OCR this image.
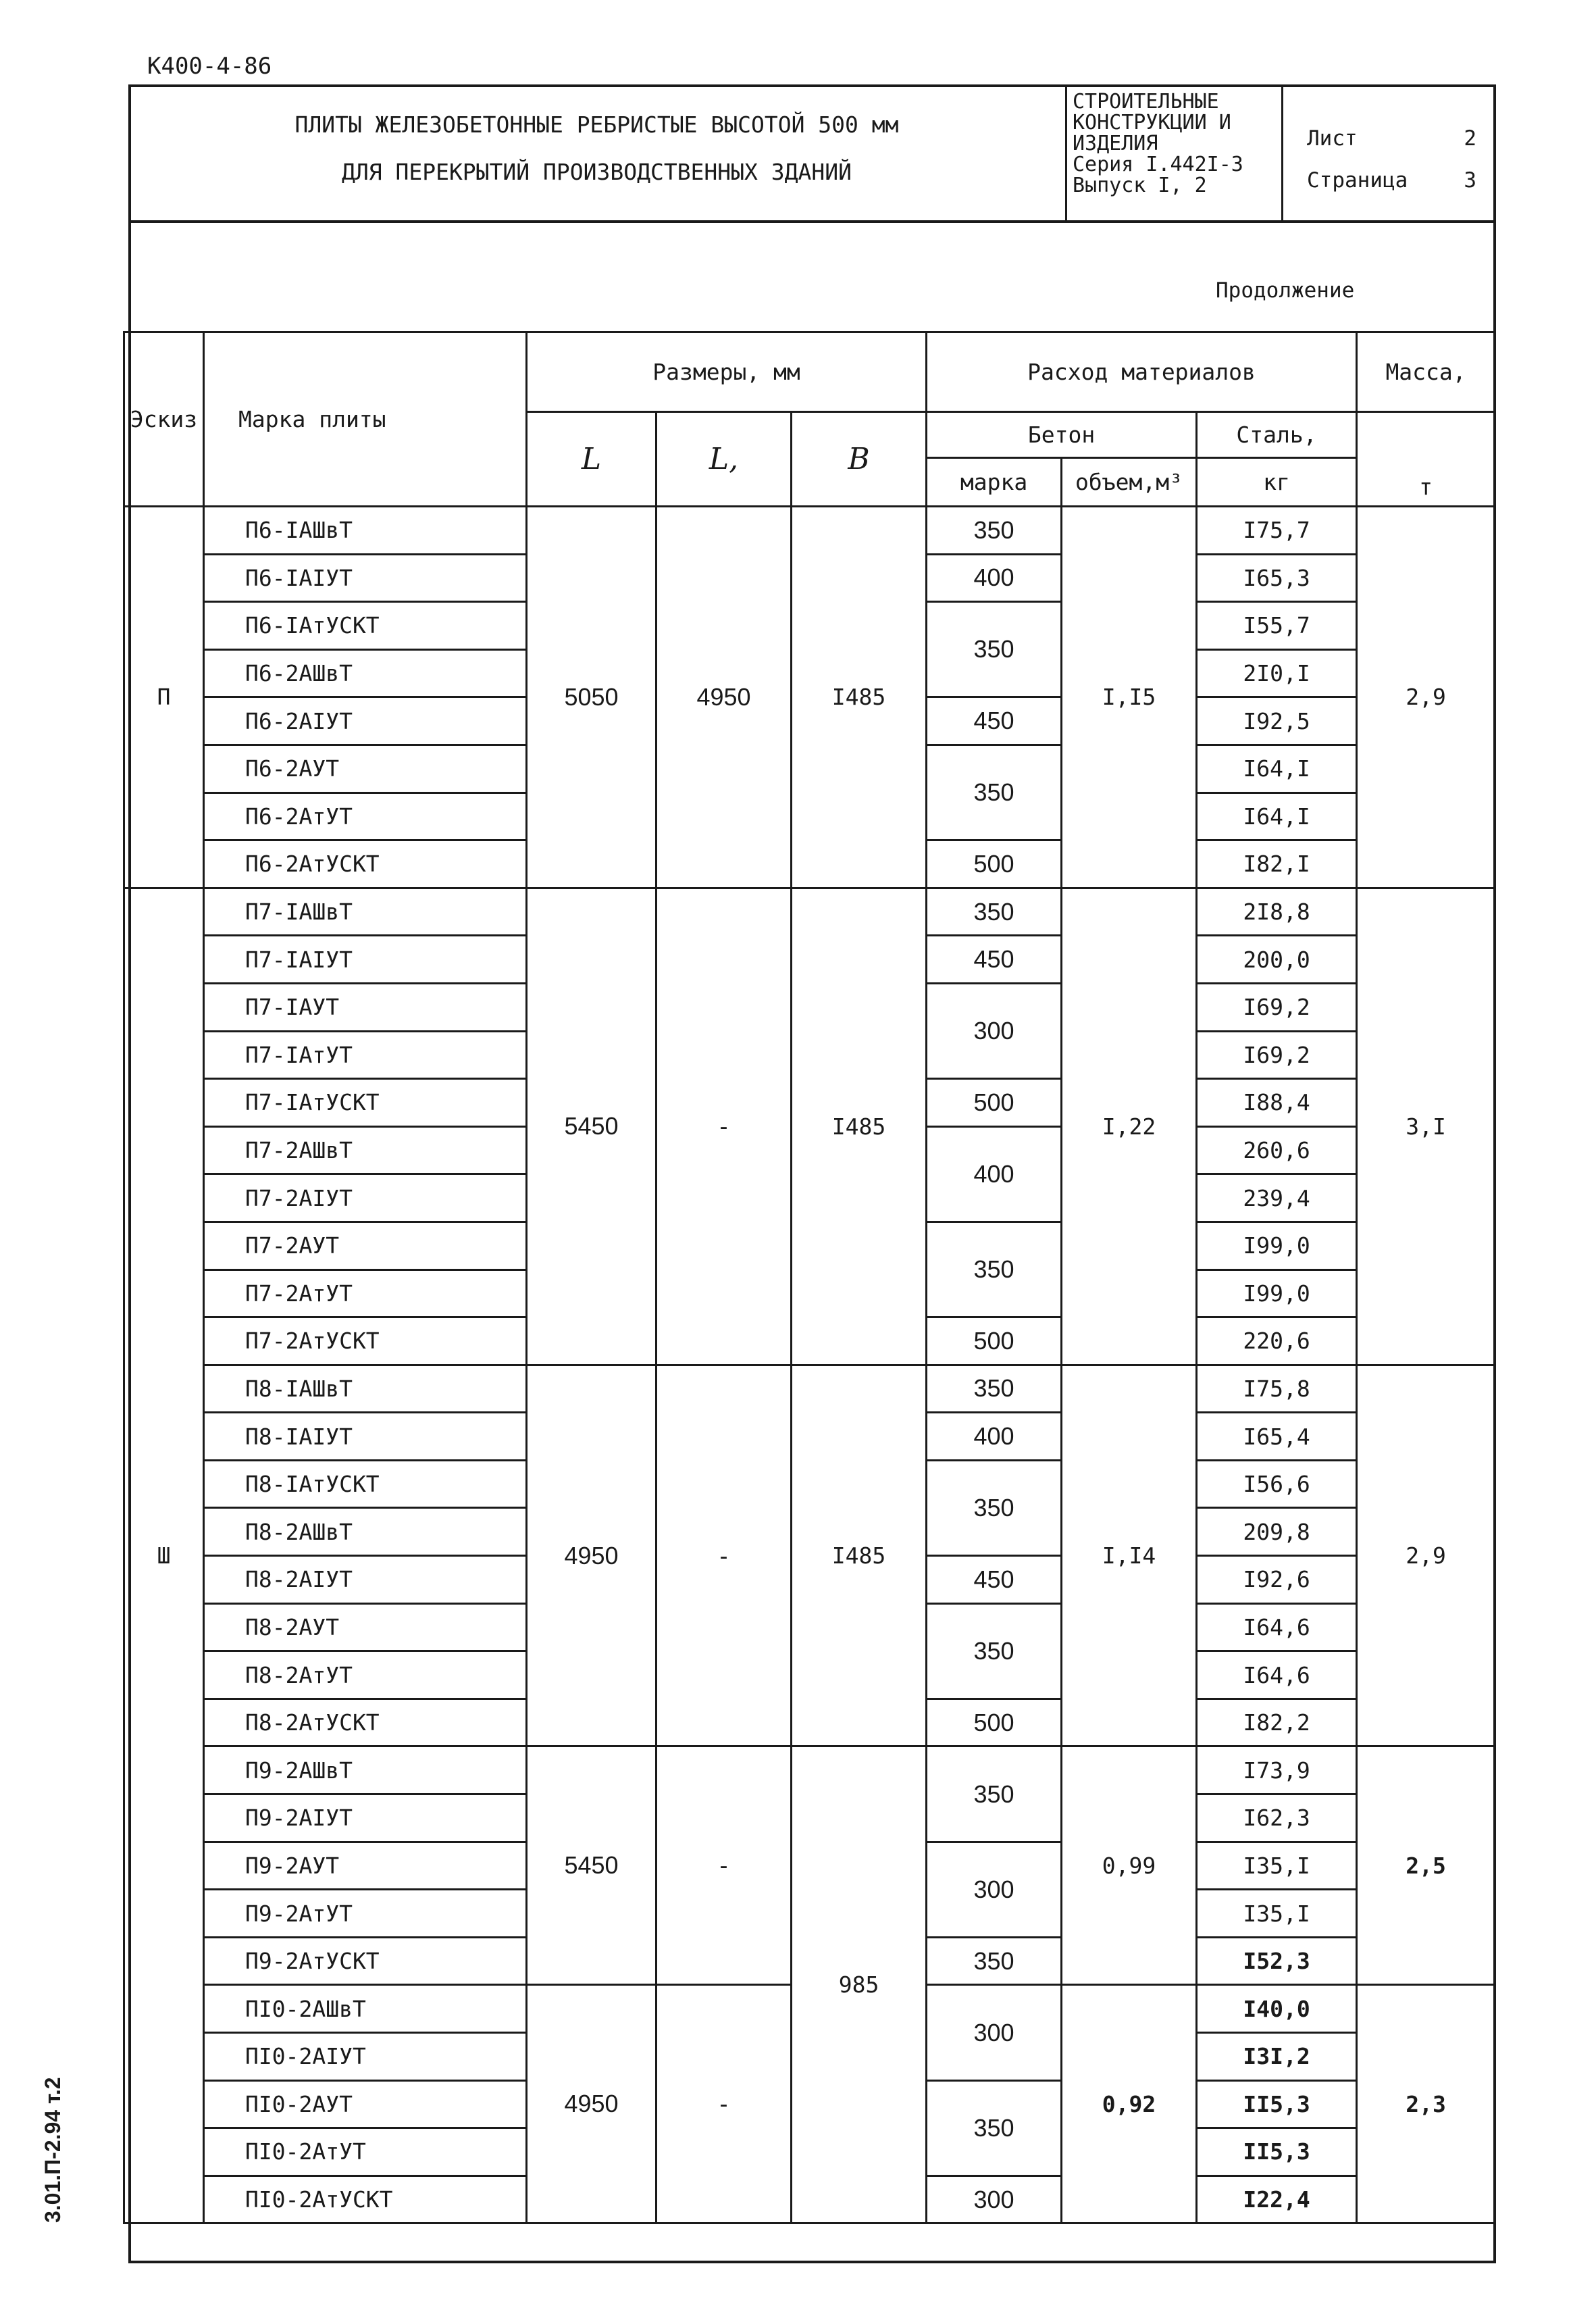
К400-4-86
3.01.П-2.94 т.2
ПЛИТЫ ЖЕЛЕЗОБЕТОННЫЕ РЕБРИСТЫЕ ВЫСОТОЙ 500 мм
ДЛЯ ПЕРЕКРЫТИЙ ПРОИЗВОДСТВЕННЫХ ЗДАНИЙ
СТРОИТЕЛЬНЫЕ
КОНСТРУКЦИИ И
ИЗДЕЛИЯ
Серия I.442I-3
Выпуск I, 2
Лист	2
Страница	3
Продолжение
Эскиз	Марка плиты	Размеры, мм			Расход материалов			Масса,
		L	L,	B	Бетон		Сталь,	т
					марка	объем,м³	кг	
П	П6-IАШвТ	5050	4950	I485	350	I,I5	I75,7	2,9
	П6-IАIУТ				400		I65,3	
	П6-IАтУСКТ				350		I55,7	
	П6-2АШвТ						2I0,I	
	П6-2АIУТ				450		I92,5	
	П6-2АУТ				350		I64,I	
	П6-2АтУТ						I64,I	
	П6-2АтУСКТ				500		I82,I	
Ш	П7-IАШвТ	5450	-	I485	350	I,22	2I8,8	3,I
	П7-IАIУТ				450		200,0	
	П7-IАУТ				300		I69,2	
	П7-IАтУТ						I69,2	
	П7-IАтУСКТ				500		I88,4	
	П7-2АШвТ				400		260,6	
	П7-2АIУТ						239,4	
	П7-2АУТ				350		I99,0	
	П7-2АтУТ						I99,0	
	П7-2АтУСКТ				500		220,6	
	П8-IАШвТ	4950	-	I485	350	I,I4	I75,8	2,9
	П8-IАIУТ				400		I65,4	
	П8-IАтУСКТ				350		I56,6	
	П8-2АШвТ						209,8	
	П8-2АIУТ				450		I92,6	
	П8-2АУТ				350		I64,6	
	П8-2АтУТ						I64,6	
	П8-2АтУСКТ				500		I82,2	
	П9-2АШвТ	5450	-	985	350	0,99	I73,9	2,5
	П9-2АIУТ						I62,3	
	П9-2АУТ				300		I35,I	
	П9-2АтУТ						I35,I	
	П9-2АтУСКТ				350		I52,3	
	ПI0-2АШвТ	4950	-		300	0,92	I40,0	2,3
	ПI0-2АIУТ						I3I,2	
	ПI0-2АУТ				350		II5,3	
	ПI0-2АтУТ						II5,3	
	ПI0-2АтУСКТ				300		I22,4	
